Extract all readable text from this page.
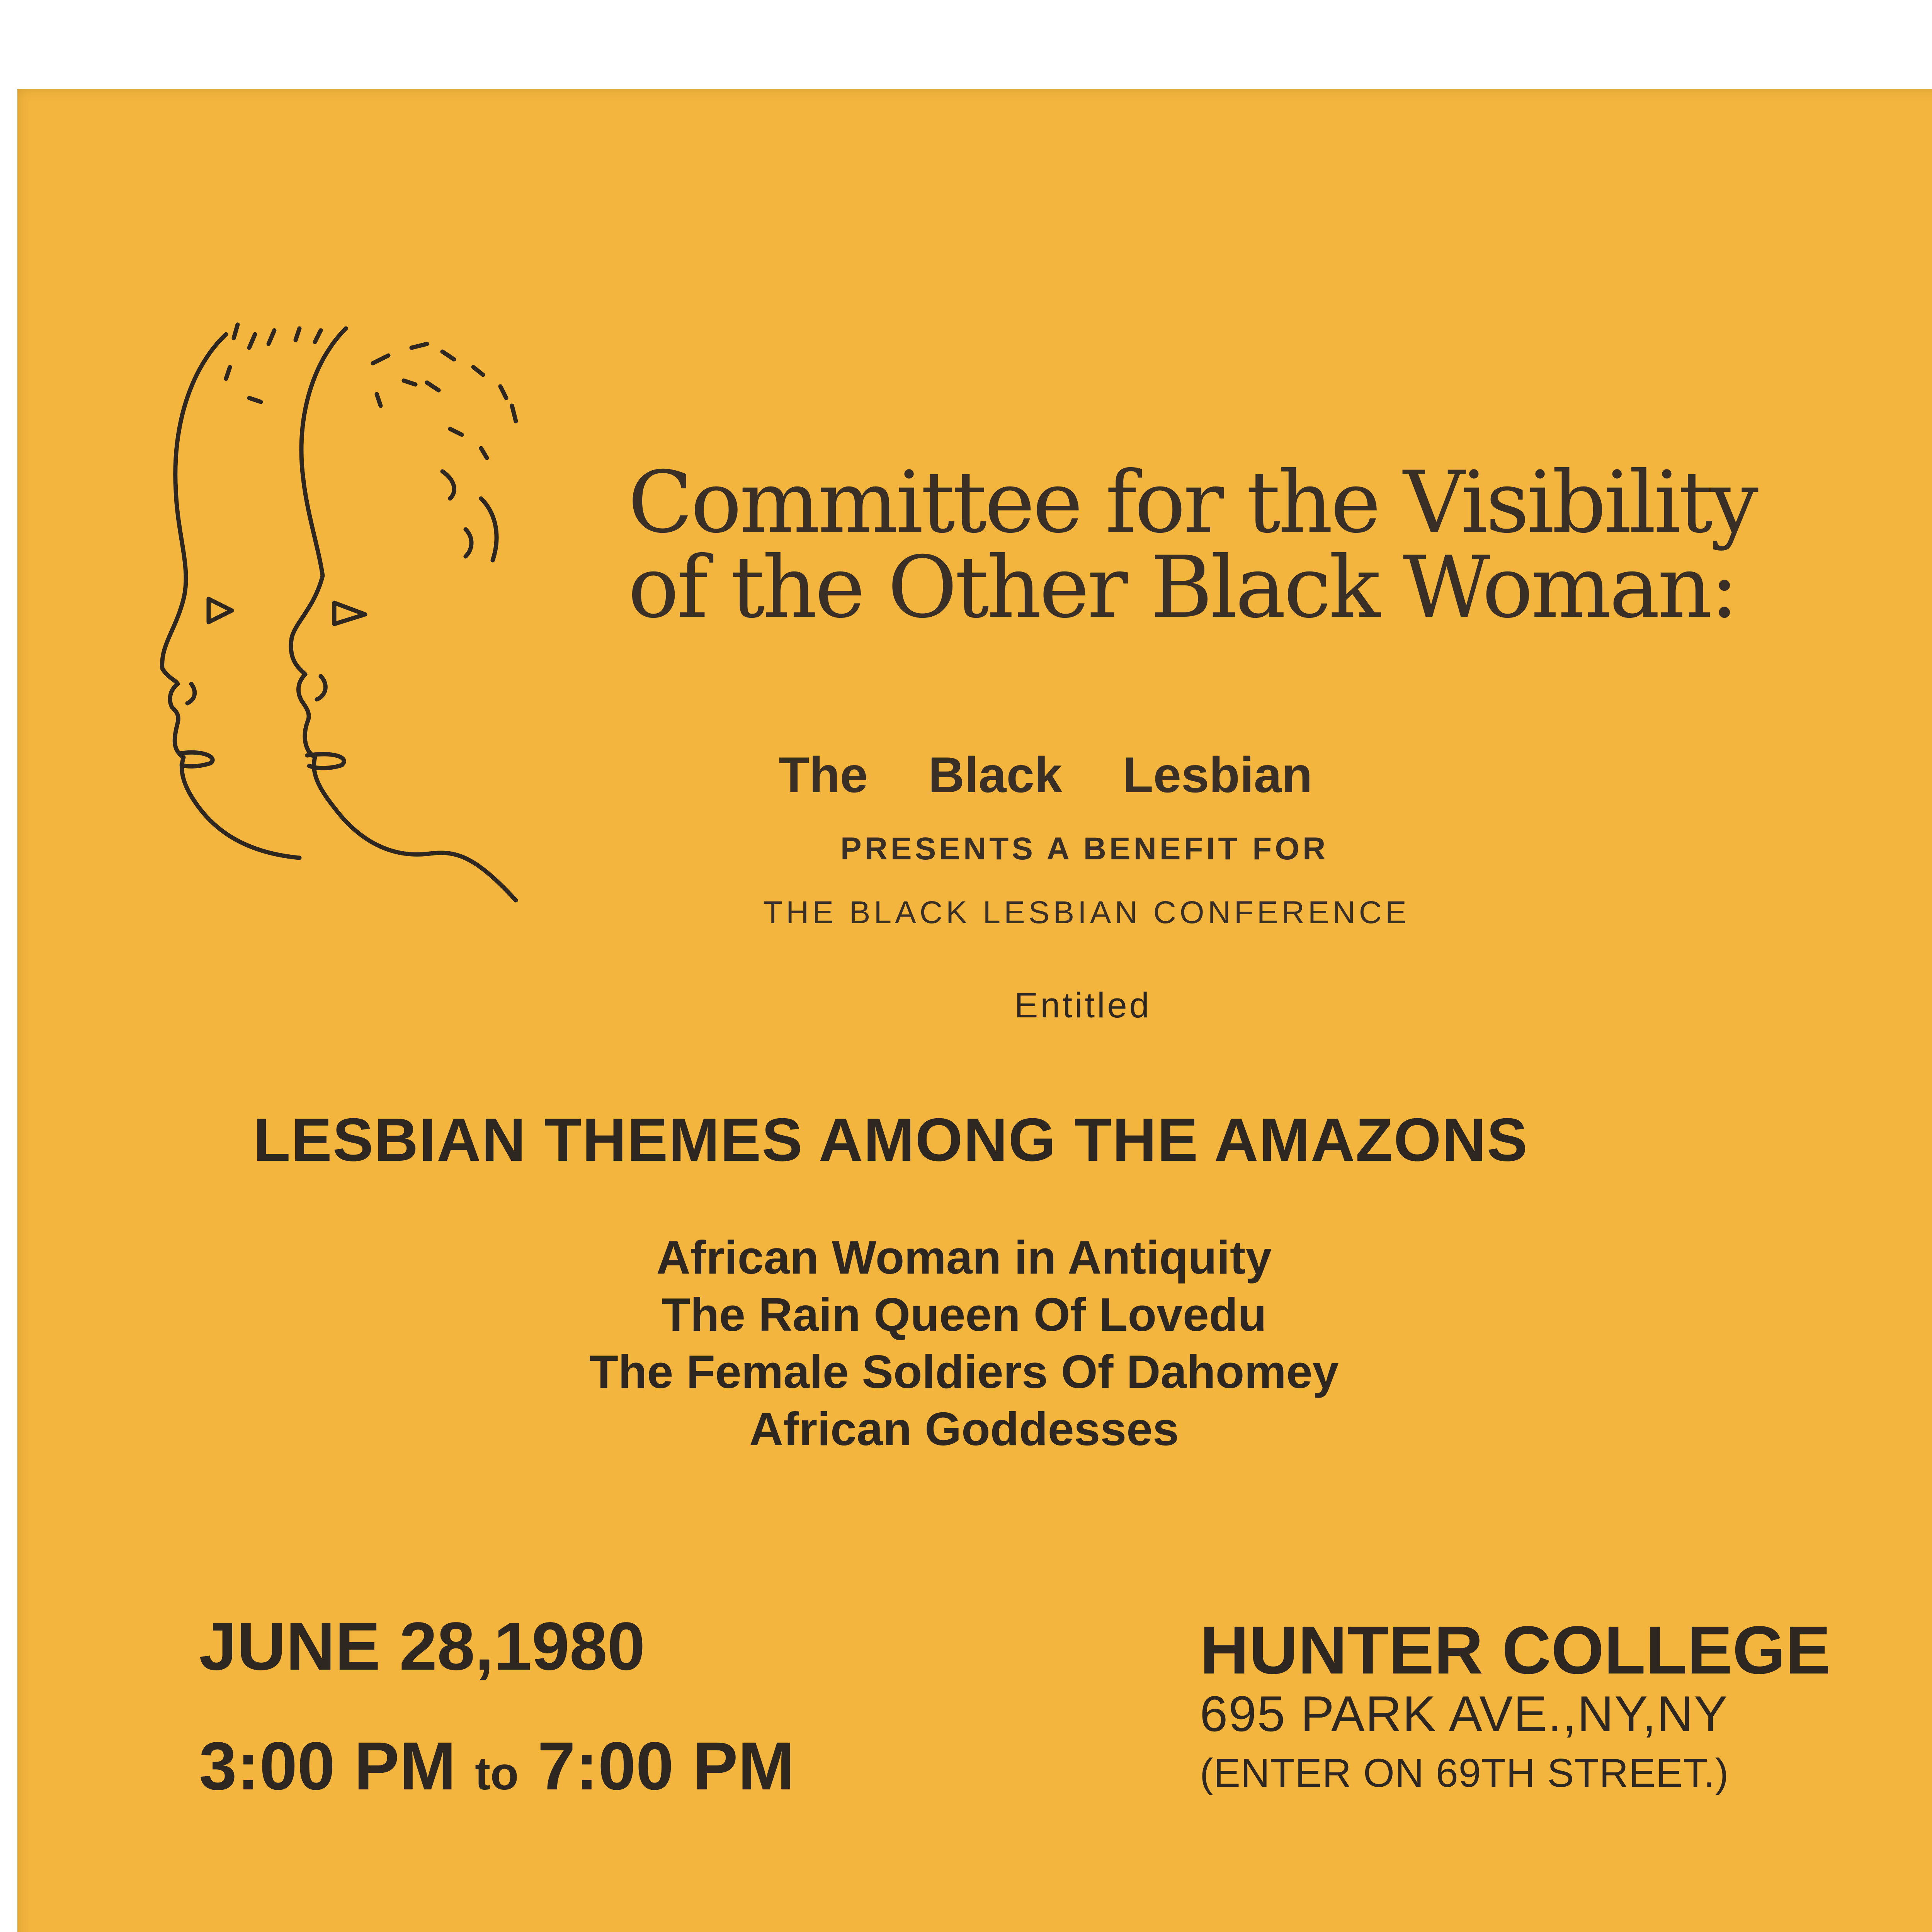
Committee for the Visibility
of the Other Black Woman:
The Black Lesbian
PRESENTS A BENEFIT FOR
THE BLACK LESBIAN CONFERENCE
Entitled
LESBIAN THEMES AMONG THE AMAZONS
African Woman in Antiquity
The Rain Queen Of Lovedu
The Female Soldiers Of Dahomey
African Goddesses
JUNE 28,1980
3:00 PM to 7:00 PM
HUNTER COLLEGE
695 PARK AVE.,NY,NY
(ENTER ON 69TH STREET.)
